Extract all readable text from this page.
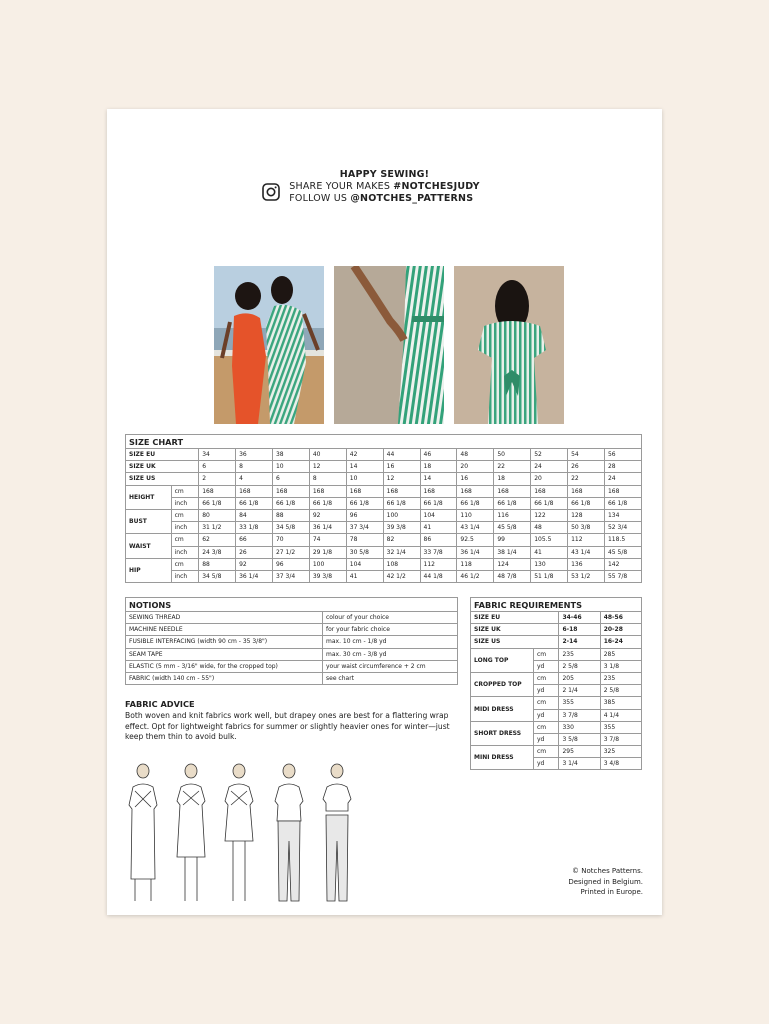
HAPPY SEWING!
SHARE YOUR MAKES #NOTCHESJUDY
FOLLOW US @NOTCHES_PATTERNS
SIZE CHART													
SIZE EU		34	36	38	40	42	44	46	48	50	52	54	56
SIZE UK		6	8	10	12	14	16	18	20	22	24	26	28
SIZE US		2	4	6	8	10	12	14	16	18	20	22	24
HEIGHT	cm	168	168	168	168	168	168	168	168	168	168	168	168
	inch	66 1/8	66 1/8	66 1/8	66 1/8	66 1/8	66 1/8	66 1/8	66 1/8	66 1/8	66 1/8	66 1/8	66 1/8
BUST	cm	80	84	88	92	96	100	104	110	116	122	128	134
	inch	31 1/2	33 1/8	34 5/8	36 1/4	37 3/4	39 3/8	41	43 1/4	45 5/8	48	50 3/8	52 3/4
WAIST	cm	62	66	70	74	78	82	86	92.5	99	105.5	112	118.5
	inch	24 3/8	26	27 1/2	29 1/8	30 5/8	32 1/4	33 7/8	36 1/4	38 1/4	41	43 1/4	45 5/8
HIP	cm	88	92	96	100	104	108	112	118	124	130	136	142
	inch	34 5/8	36 1/4	37 3/4	39 3/8	41	42 1/2	44 1/8	46 1/2	48 7/8	51 1/8	53 1/2	55 7/8
NOTIONS	
SEWING THREAD	colour of your choice
MACHINE NEEDLE	for your fabric choice
FUSIBLE INTERFACING (width 90 cm - 35 3/8")	max. 10 cm - 1/8 yd
SEAM TAPE	max. 30 cm - 3/8 yd
ELASTIC (5 mm - 3/16" wide, for the cropped top)	your waist circumference + 2 cm
FABRIC (width 140 cm - 55")	see chart
FABRIC REQUIREMENTS			
SIZE EU		34-46	48-56
SIZE UK		6-18	20-28
SIZE US		2-14	16-24
LONG TOP	cm	235	285
	yd	2 5/8	3 1/8
CROPPED TOP	cm	205	235
	yd	2 1/4	2 5/8
MIDI DRESS	cm	355	385
	yd	3 7/8	4 1/4
SHORT DRESS	cm	330	355
	yd	3 5/8	3 7/8
MINI DRESS	cm	295	325
	yd	3 1/4	3 4/8
FABRIC ADVICE
Both woven and knit fabrics work well, but drapey ones are best for a flattering wrap effect. Opt for lightweight fabrics for summer or slightly heavier ones for winter—just keep them thin to avoid bulk.
© Notches Patterns.
Designed in Belgium.
Printed in Europe.
